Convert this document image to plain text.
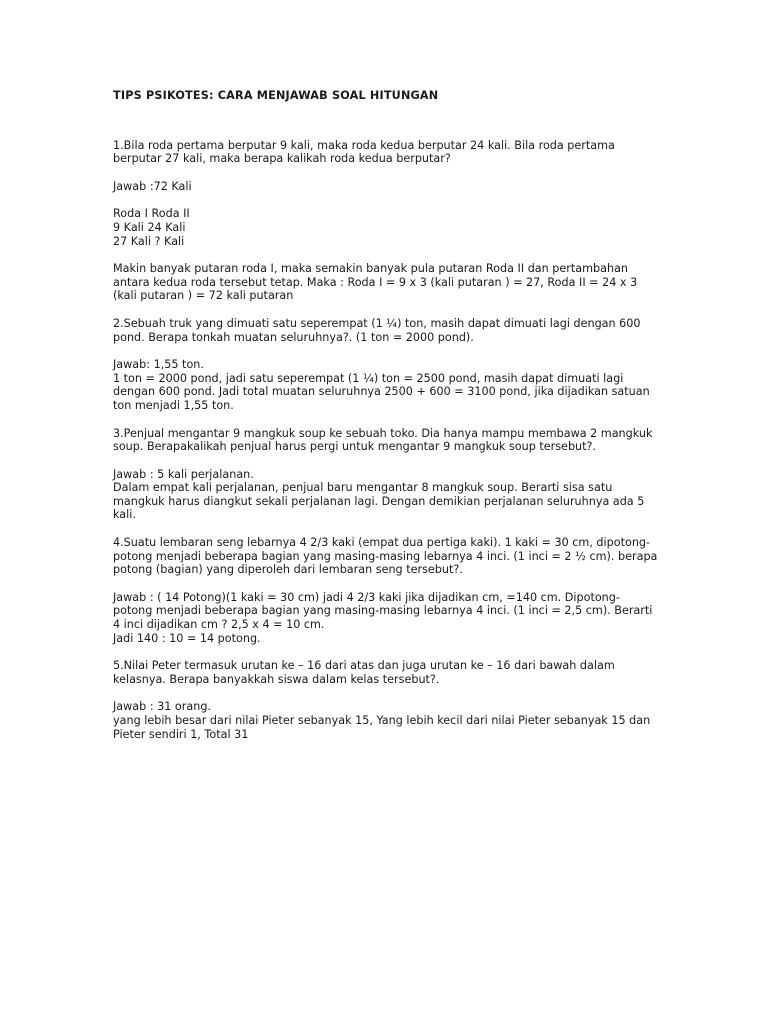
TIPS PSIKOTES: CARA MENJAWAB SOAL HITUNGAN
1.Bila roda pertama berputar 9 kali, maka roda kedua berputar 24 kali. Bila roda pertama berputar 27 kali, maka berapa kalikah roda kedua berputar?
Jawab :72 Kali
Roda I Roda II
9 Kali 24 Kali
27 Kali ? Kali
Makin banyak putaran roda I, maka semakin banyak pula putaran Roda II dan pertambahan antara kedua roda tersebut tetap. Maka : Roda I = 9 x 3 (kali putaran ) = 27, Roda II = 24 x 3 (kali putaran ) = 72 kali putaran
2.Sebuah truk yang dimuati satu seperempat (1 ¼) ton, masih dapat dimuati lagi dengan 600 pond. Berapa tonkah muatan seluruhnya?. (1 ton = 2000 pond).
Jawab: 1,55 ton.
1 ton = 2000 pond, jadi satu seperempat (1 ¼) ton = 2500 pond, masih dapat dimuati lagi dengan 600 pond. Jadi total muatan seluruhnya 2500 + 600 = 3100 pond, jika dijadikan satuan ton menjadi 1,55 ton.
3.Penjual mengantar 9 mangkuk soup ke sebuah toko. Dia hanya mampu membawa 2 mangkuk soup. Berapakalikah penjual harus pergi untuk mengantar 9 mangkuk soup tersebut?.
Jawab : 5 kali perjalanan.
Dalam empat kali perjalanan, penjual baru mengantar 8 mangkuk soup. Berarti sisa satu mangkuk harus diangkut sekali perjalanan lagi. Dengan demikian perjalanan seluruhnya ada 5 kali.
4.Suatu lembaran seng lebarnya 4 2/3 kaki (empat dua pertiga kaki). 1 kaki = 30 cm, dipotong-potong menjadi beberapa bagian yang masing-masing lebarnya 4 inci. (1 inci = 2 ½ cm). berapa potong (bagian) yang diperoleh dari lembaran seng tersebut?.
Jawab : ( 14 Potong)(1 kaki = 30 cm) jadi 4 2/3 kaki jika dijadikan cm, =140 cm. Dipotong-potong menjadi beberapa bagian yang masing-masing lebarnya 4 inci. (1 inci = 2,5 cm). Berarti 4 inci dijadikan cm ? 2,5 x 4 = 10 cm.
Jadi 140 : 10 = 14 potong.
5.Nilai Peter termasuk urutan ke – 16 dari atas dan juga urutan ke – 16 dari bawah dalam kelasnya. Berapa banyakkah siswa dalam kelas tersebut?.
Jawab : 31 orang.
yang lebih besar dari nilai Pieter sebanyak 15, Yang lebih kecil dari nilai Pieter sebanyak 15 dan Pieter sendiri 1, Total 31
